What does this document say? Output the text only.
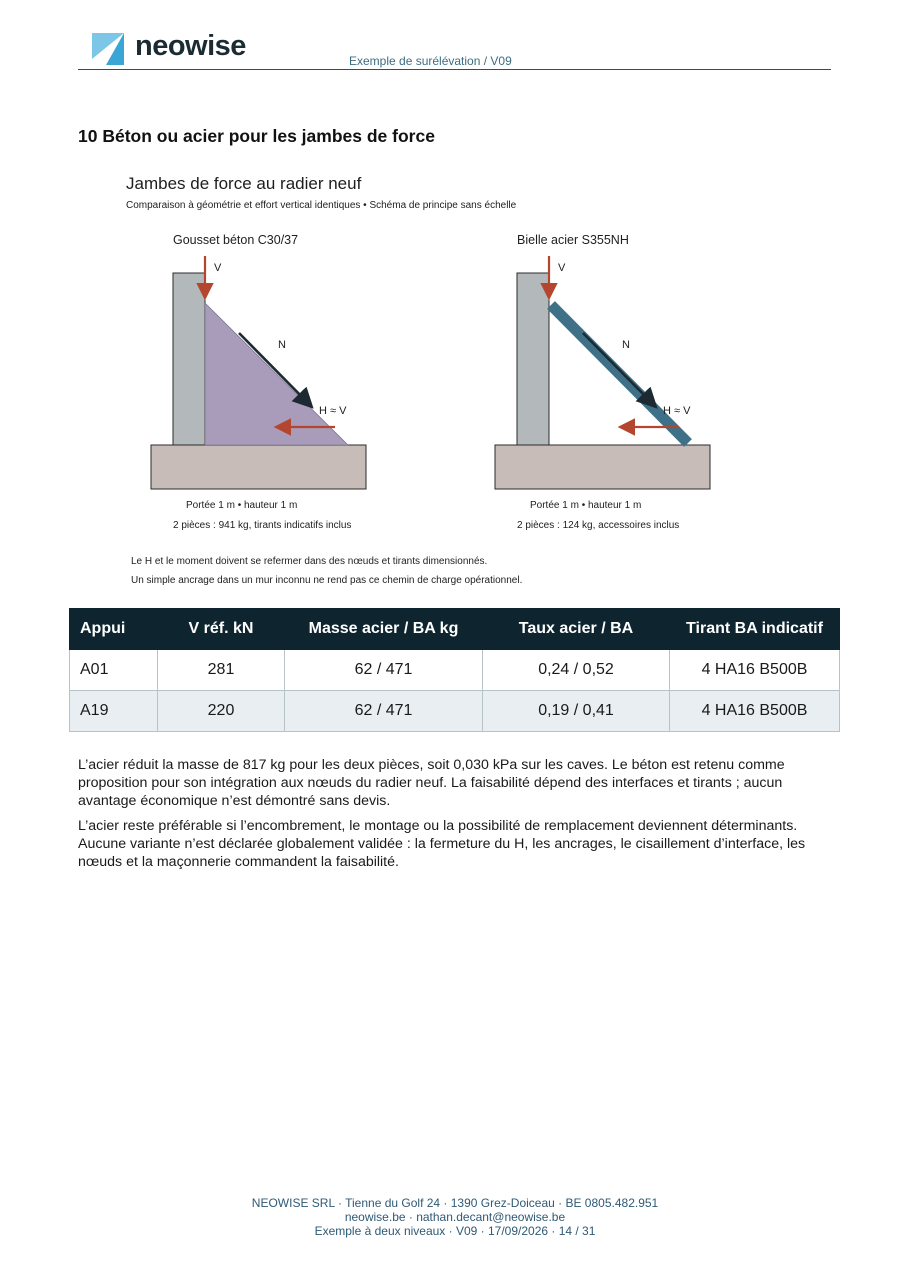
neowise	Exemple de surélévation / V09
10 Béton ou acier pour les jambes de force
Jambes de force au radier neuf
Comparaison à géométrie et effort vertical identiques • Schéma de principe sans échelle
Gousset béton C30/37
V
N
H ≈ V
Bielle acier S355NH
V
N
H ≈ V
Portée 1 m • hauteur 1 m
2 pièces : 941 kg, tirants indicatifs inclus
Portée 1 m • hauteur 1 m
2 pièces : 124 kg, accessoires inclus
Le H et le moment doivent se refermer dans des nœuds et tirants dimensionnés.
Un simple ancrage dans un mur inconnu ne rend pas ce chemin de charge opérationnel.
Appui	V réf. kN	Masse acier / BA kg	Taux acier / BA	Tirant BA indicatif
A01	281	62 / 471	0,24 / 0,52	4 HA16 B500B
A19	220	62 / 471	0,19 / 0,41	4 HA16 B500B
L’acier réduit la masse de 817 kg pour les deux pièces, soit 0,030 kPa sur les caves. Le béton est retenu comme proposition pour son intégration aux nœuds du radier neuf. La faisabilité dépend des interfaces et tirants ; aucun avantage économique n’est démontré sans devis.
L’acier reste préférable si l’encombrement, le montage ou la possibilité de remplacement deviennent déterminants. Aucune variante n’est déclarée globalement validée : la fermeture du H, les ancrages, le cisaillement d’interface, les nœuds et la maçonnerie commandent la faisabilité.
NEOWISE SRL · Tienne du Golf 24 · 1390 Grez-Doiceau · BE 0805.482.951
neowise.be · nathan.decant@neowise.be
Exemple à deux niveaux · V09 · 17/09/2026 · 14 / 31
